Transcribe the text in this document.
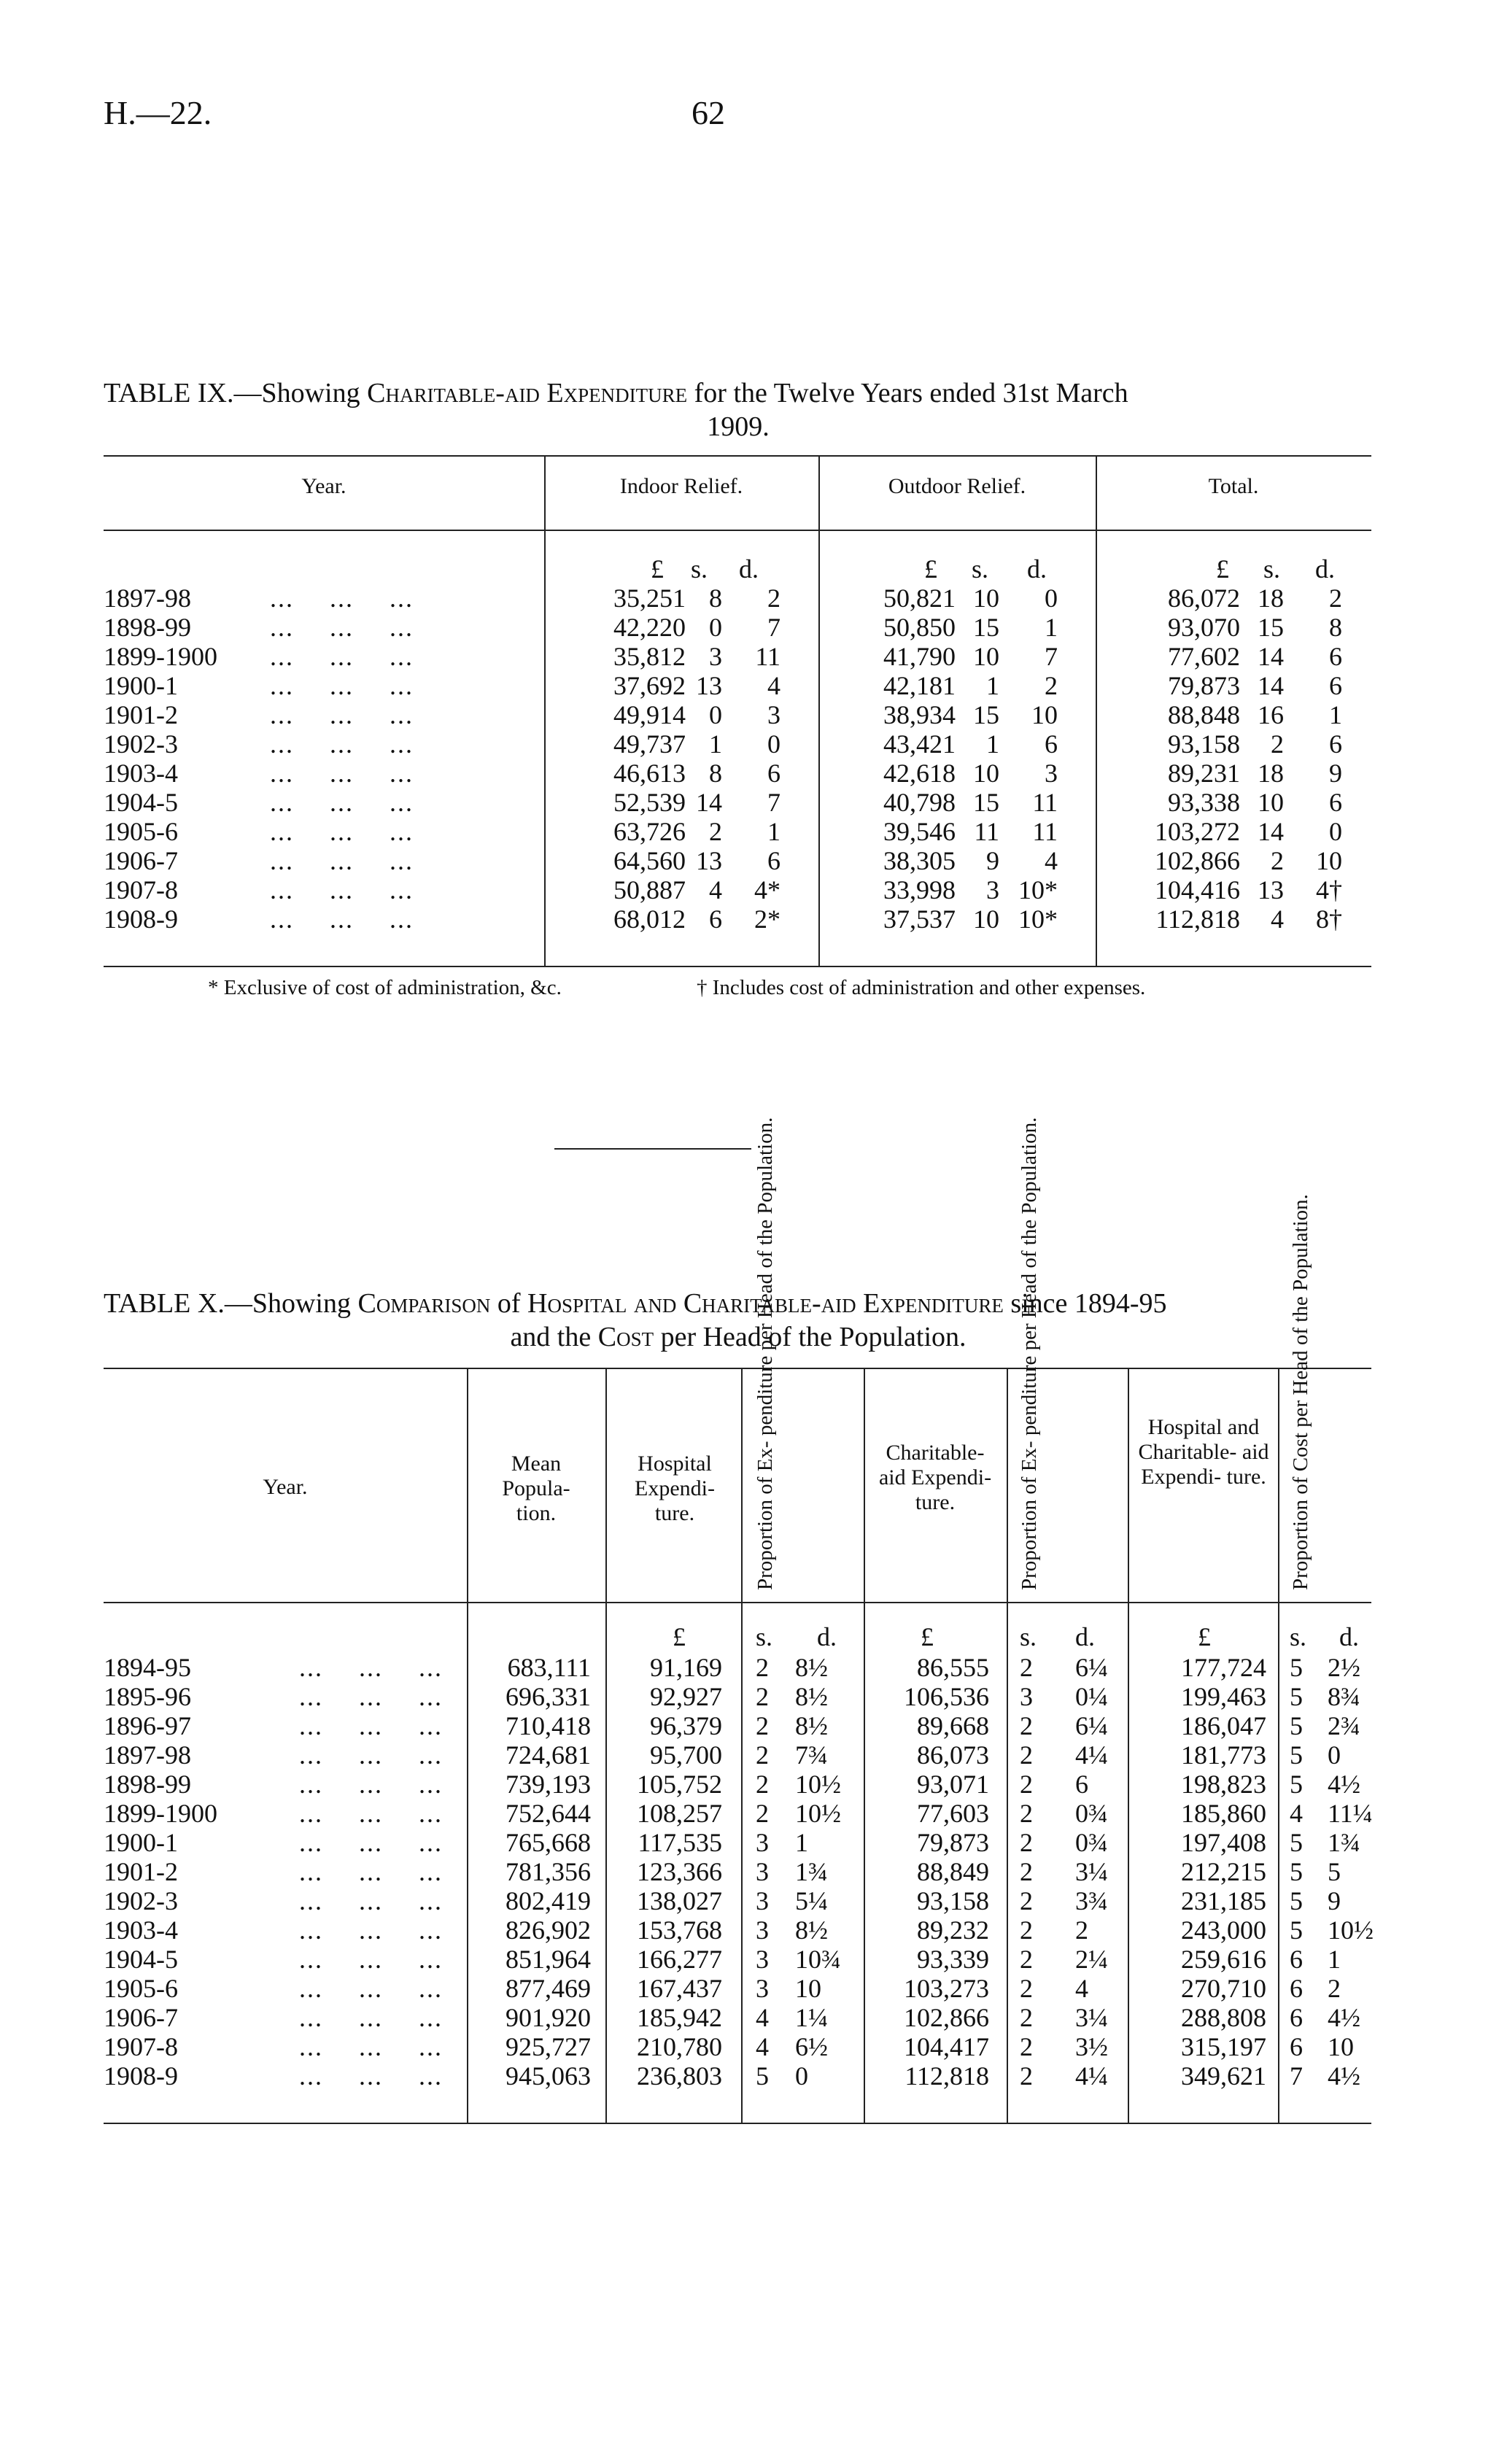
H.—22.	62
TABLE IX.—Showing Charitable-aid Expenditure for the Twelve Years ended 31st March
1909.
Year.	Indoor Relief.	Outdoor Relief.	Total.
£	s.	d.	£	s.	d.	£	s.	d.
1897-98	... ... ...	35,251 8	2	50,821 10	0	86,072 18	2
1898-99	... ... ...	42,220 0	7	50,850 15	1	93,070 15	8
1899-1900	... ... ...	35,812 3	11	41,790 10	7	77,602 14	6
1900-1	... ... ...	37,692 13	4	42,181	1	2	79,873 14	6
1901-2	... ... ...	49,914 0	3	38,934 15	10	88,848 16	1
1902-3	... ... ...	49,737 1	0	43,421	1	6	93,158	2	6
1903-4	... ... ...	46,613 8	6	42,618 10	3	89,231 18	9
1904-5	... ... ...	52,539 14	7	40,798 15	11	93,338 10	6
1905-6	... ... ...	63,726 2	1	39,546 11	11	103,272 14	0
1906-7	... ... ...	64,560 13	6	38,305	9	4	102,866	2	10
1907-8	... ... ...	50,887 4	4*	33,998	3 10*	104,416 13	4†
1908-9	... ... ...	68,012 6	2*	37,537 10 10*	112,818	4	8†
* Exclusive of cost of administration, &c.	† Includes cost of administration and other expenses.
TABLE X.—Showing Comparison of Hospital and Charitable-aid Expenditure since 1894-95
and the Cost per Head of the Population.
Year.
Mean Popula- tion.
Hospital Expendi- ture.	Proportion of Ex- penditure per Head of the Population.	Charitable- aid Expendi- ture.	Proportion of Ex- penditure per Head of the Population.	Hospital and Charitable- aid Expendi- ture. Proportion of Cost per Head of the Population.
£	s.	d.	£	s.	d.	£	s.	d.
1894-95	... ... ...	683,111	91,169 2	8½	86,555 2	6¼	177,724 5 2½
1895-96	... ... ...	696,331	92,927 2	8½	106,536 3	0¼	199,463 5 8¾
1896-97	... ... ...	710,418	96,379 2	8½	89,668 2	6¼	186,047 5 2¾
1897-98	... ... ...	724,681	95,700 2	7¾	86,073 2	4¼	181,773 5 0
1898-99	... ... ...	739,193	105,752 2	10½	93,071 2	6	198,823 5 4½
1899-1900	... ... ...	752,644	108,257 2	10½	77,603 2	0¾	185,860 4 11¼
1900-1	... ... ...	765,668	117,535 3	1	79,873 2	0¾	197,408 5 1¾
1901-2	... ... ...	781,356	123,366 3	1¾	88,849 2	3¼	212,215 5 5
1902-3	... ... ...	802,419	138,027 3	5¼	93,158 2	3¾	231,185 5 9
1903-4	... ... ...	826,902	153,768 3	8½	89,232 2	2	243,000 5 10½
1904-5	... ... ...	851,964	166,277 3	10¾	93,339 2	2¼	259,616 6 1
1905-6	... ... ...	877,469	167,437 3	10	103,273 2	4	270,710 6 2
1906-7	... ... ...	901,920	185,942 4	1¼	102,866 2	3¼	288,808 6 4½
1907-8	... ... ...	925,727	210,780 4	6½	104,417 2	3½	315,197 6 10
1908-9	... ... ...	945,063	236,803 5	0	112,818 2	4¼	349,621 7 4½
